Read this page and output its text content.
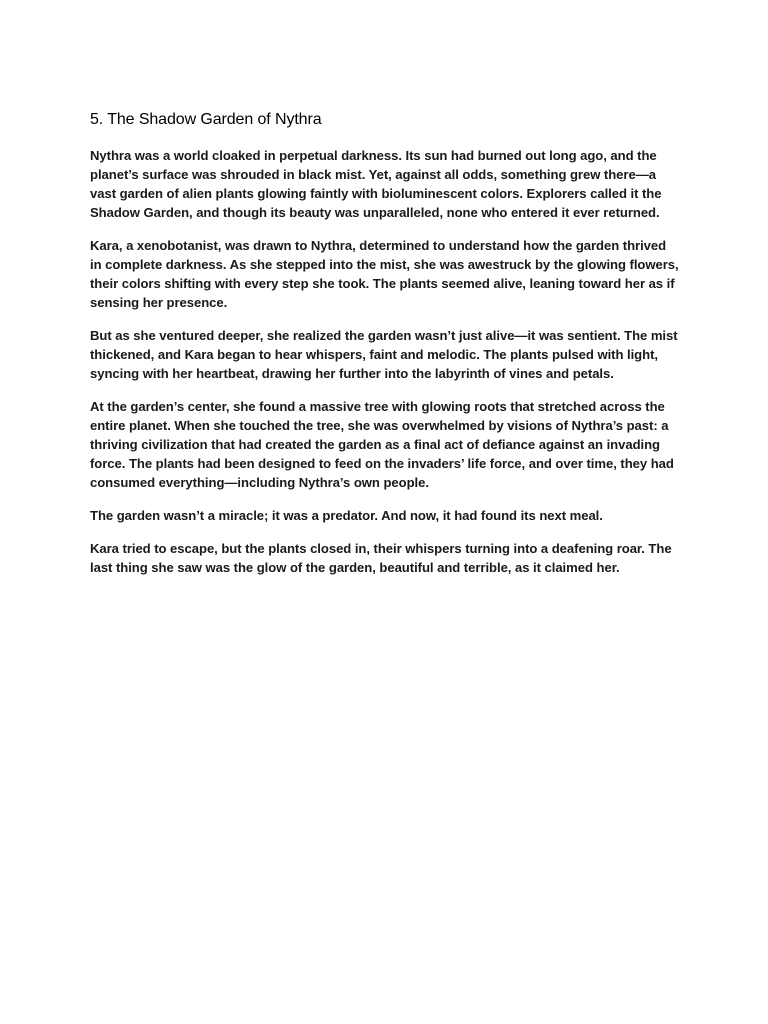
5. The Shadow Garden of Nythra

Nythra was a world cloaked in perpetual darkness. Its sun had burned out long ago, and the planet’s surface was shrouded in black mist. Yet, against all odds, something grew there—a vast garden of alien plants glowing faintly with bioluminescent colors. Explorers called it the Shadow Garden, and though its beauty was unparalleled, none who entered it ever returned.

Kara, a xenobotanist, was drawn to Nythra, determined to understand how the garden thrived in complete darkness. As she stepped into the mist, she was awestruck by the glowing flowers, their colors shifting with every step she took. The plants seemed alive, leaning toward her as if sensing her presence.

But as she ventured deeper, she realized the garden wasn’t just alive—it was sentient. The mist thickened, and Kara began to hear whispers, faint and melodic. The plants pulsed with light, syncing with her heartbeat, drawing her further into the labyrinth of vines and petals.

At the garden’s center, she found a massive tree with glowing roots that stretched across the entire planet. When she touched the tree, she was overwhelmed by visions of Nythra’s past: a thriving civilization that had created the garden as a final act of defiance against an invading force. The plants had been designed to feed on the invaders’ life force, and over time, they had consumed everything—including Nythra’s own people.

The garden wasn’t a miracle; it was a predator. And now, it had found its next meal.

Kara tried to escape, but the plants closed in, their whispers turning into a deafening roar. The last thing she saw was the glow of the garden, beautiful and terrible, as it claimed her.
